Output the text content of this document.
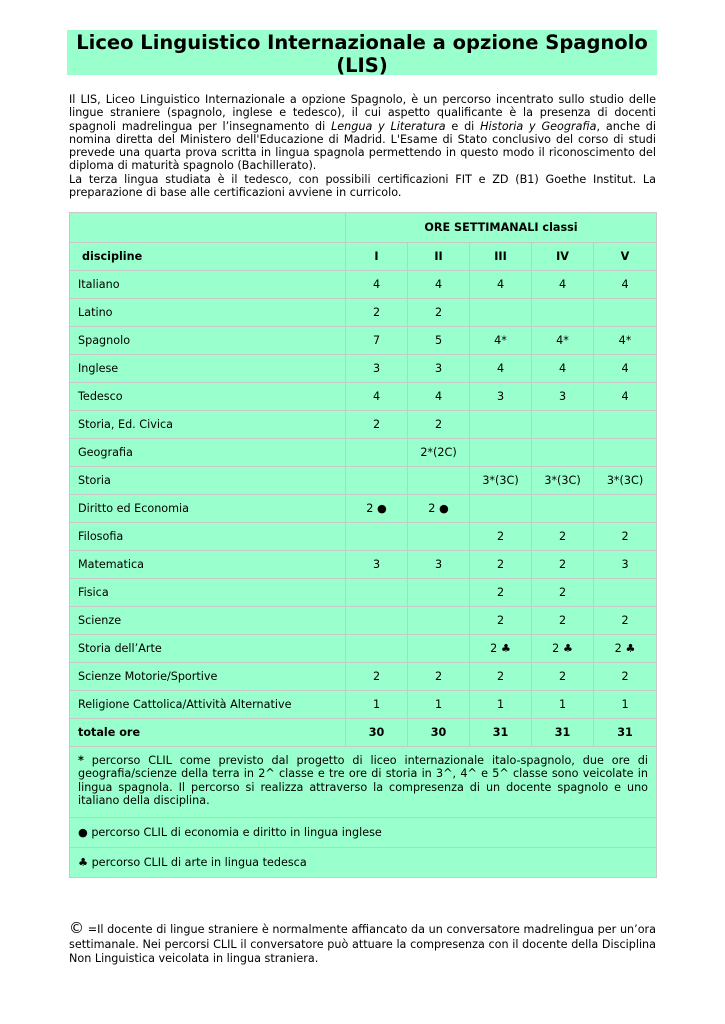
Liceo Linguistico Internazionale a opzione Spagnolo (LIS)

Il LIS, Liceo Linguistico Internazionale a opzione Spagnolo, è un percorso incentrato sullo studio delle lingue straniere (spagnolo, inglese e tedesco), il cui aspetto qualificante è la presenza di docenti spagnoli madrelingua per l’insegnamento di Lengua y Literatura e di Historia y Geografia, anche di nomina diretta del Ministero dell'Educazione di Madrid. L'Esame di Stato conclusivo del corso di studi prevede una quarta prova scritta in lingua spagnola permettendo in questo modo il riconoscimento del diploma di maturità spagnolo (Bachillerato).

La terza lingua studiata è il tedesco, con possibili certificazioni FIT e ZD (B1) Goethe Institut. La preparazione di base alle certificazioni avviene in curricolo.

	ORE SETTIMANALI classi				
discipline	I	II	III	IV	V
Italiano	4	4	4	4	4
Latino	2	2			
Spagnolo	7	5	4*	4*	4*
Inglese	3	3	4	4	4
Tedesco	4	4	3	3	4
Storia, Ed. Civica	2	2			
Geografia		2*(2C)			
Storia			3*(3C)	3*(3C)	3*(3C)
Diritto ed Economia	2 ●	2 ●			
Filosofia			2	2	2
Matematica	3	3	2	2	3
Fisica			2	2	
Scienze			2	2	2
Storia dell’Arte			2 ♣	2 ♣	2 ♣
Scienze Motorie/Sportive	2	2	2	2	2
Religione Cattolica/Attività Alternative	1	1	1	1	1
totale ore	30	30	31	31	31
* percorso CLIL come previsto dal progetto di liceo internazionale italo-spagnolo, due ore di geografia/scienze della terra in 2^ classe e tre ore di storia in 3^, 4^ e 5^ classe sono veicolate in lingua spagnola. Il percorso si realizza attraverso la compresenza di un docente spagnolo e uno italiano della disciplina.					
● percorso CLIL di economia e diritto in lingua inglese					
♣ percorso CLIL di arte in lingua tedesca					
© =Il docente di lingue straniere è normalmente affiancato da un conversatore madrelingua per un’ora settimanale. Nei percorsi CLIL il conversatore può attuare la compresenza con il docente della Disciplina Non Linguistica veicolata in lingua straniera.
